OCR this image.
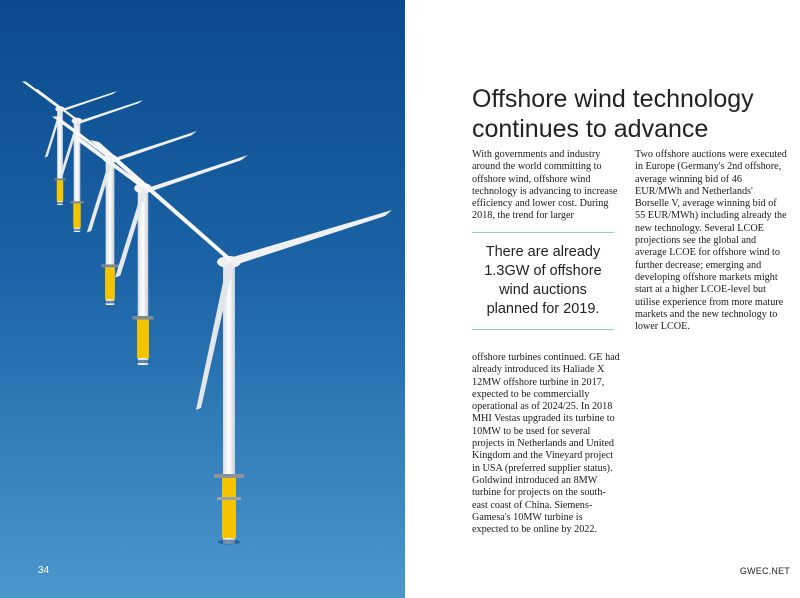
34
Offshore wind technology
continues to advance

With governments and industry around the world committing to offshore wind, offshore wind technology is advancing to increase efficiency and lower cost. During 2018, the trend for larger

There are already 1.3GW of offshore wind auctions planned for 2019.

offshore turbines continued. GE had already introduced its Haliade X 12MW offshore turbine in 2017, expected to be commercially operational as of 2024/25. In 2018 MHI Vestas upgraded its turbine to 10MW to be used for several projects in Netherlands and United Kingdom and the Vineyard project in USA (preferred supplier status). Goldwind introduced an 8MW turbine for projects on the south-east coast of China. Siemens-Gamesa's 10MW turbine is expected to be online by 2022.

Two offshore auctions were executed in Europe (Germany's 2nd offshore, average winning bid of 46 EUR/MWh and Netherlands' Borselle V, average winning bid of 55 EUR/MWh) including already the new technology. Several LCOE projections see the global and average LCOE for offshore wind to further decrease; emerging and developing offshore markets might start at a higher LCOE-level but utilise experience from more mature markets and the new technology to lower LCOE.

GWEC.NET
